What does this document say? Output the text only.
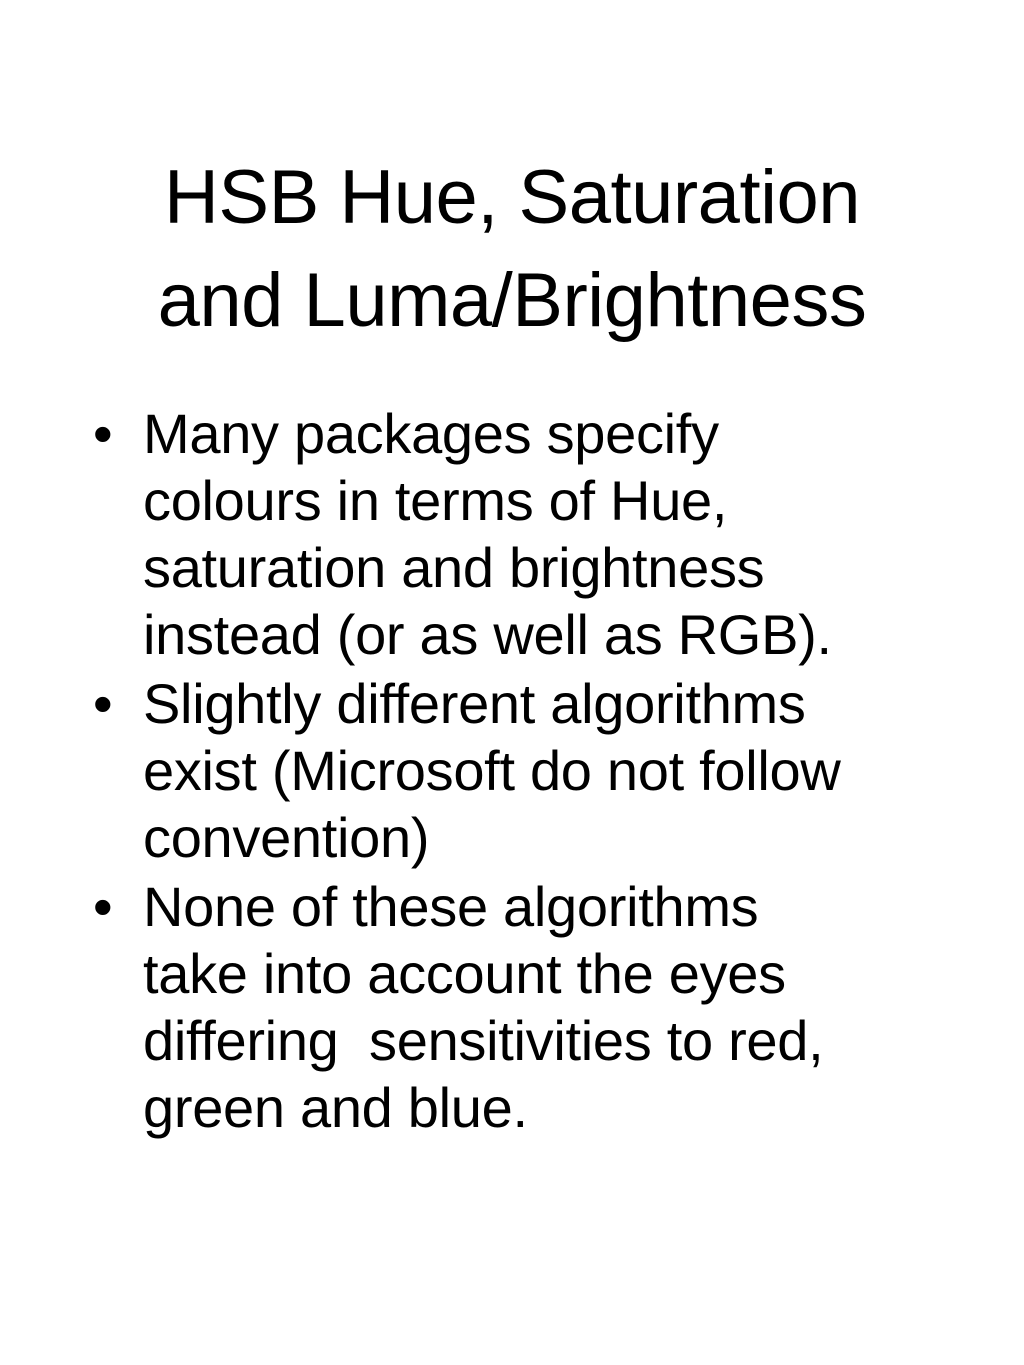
HSB Hue, Saturation
and Luma/Brightness
• Many packages specify
colours in terms of Hue,
saturation and brightness
instead (or as well as RGB).
• Slightly different algorithms
exist (Microsoft do not follow
convention)
• None of these algorithms
take into account the eyes
differing  sensitivities to red,
green and blue.
